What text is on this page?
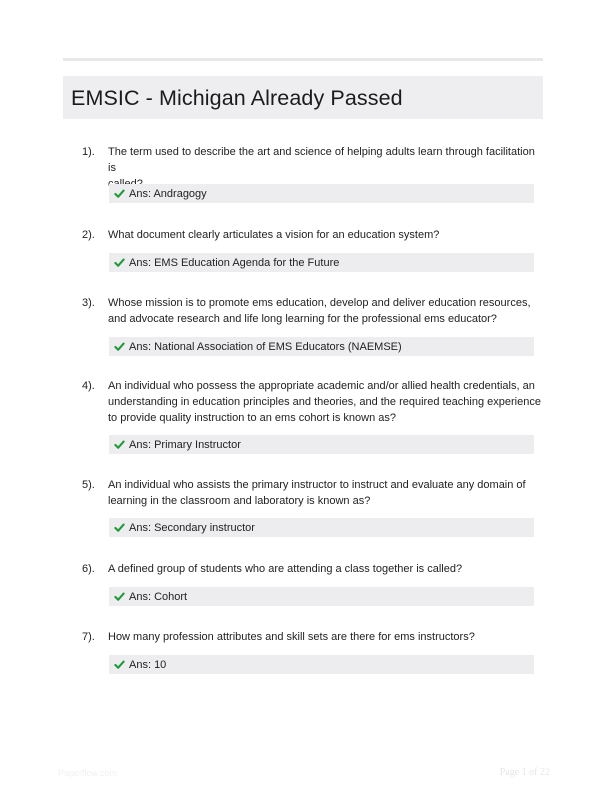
EMSIC - Michigan Already Passed
1). The term used to describe the art and science of helping adults learn through facilitation is
Ans: Andragogy
2). What document clearly articulates a vision for an education system?
Ans: EMS Education Agenda for the Future
3). Whose mission is to promote ems education, develop and deliver education resources,
and advocate research and life long learning for the professional ems educator?
Ans: National Association of EMS Educators (NAEMSE)
4). An individual who possess the appropriate academic and/or allied health credentials, an
understanding in education principles and theories, and the required teaching experience
to provide quality instruction to an ems cohort is known as?
Ans: Primary Instructor
5). An individual who assists the primary instructor to instruct and evaluate any domain of
learning in the classroom and laboratory is known as?
Ans: Secondary instructor
6). A defined group of students who are attending a class together is called?
Ans: Cohort
7). How many profession attributes and skill sets are there for ems instructors?
Ans: 10
Paperflow.com	Page 1 of 22
